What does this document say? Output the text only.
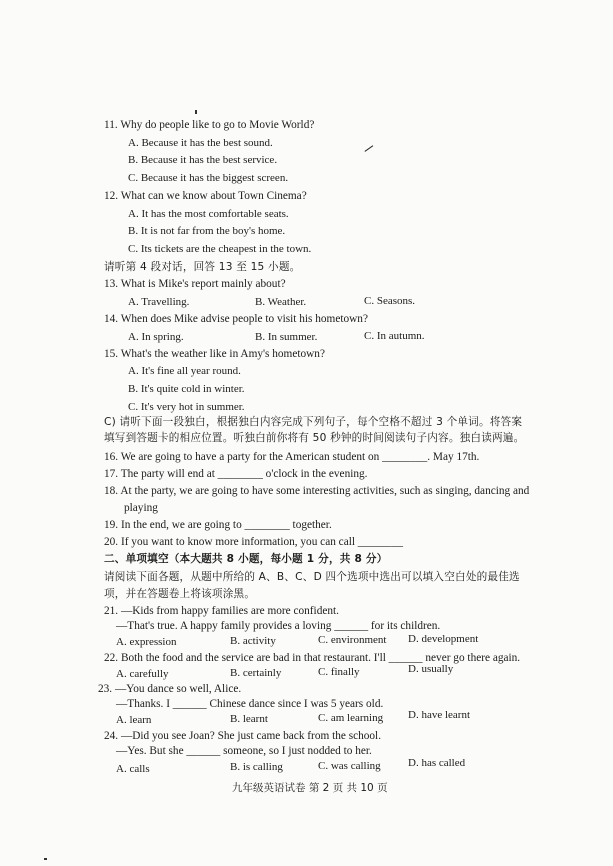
11. Why do people like to go to Movie World?
A. Because it has the best sound.
B. Because it has the best service.
C. Because it has the biggest screen.
12. What can we know about Town Cinema?
A. It has the most comfortable seats.
B. It is not far from the boy's home.
C. Its tickets are the cheapest in the town.
请听第 4 段对话，回答 13 至 15 小题。
13. What is Mike's report mainly about?
A. Travelling.	B. Weather.	C. Seasons.
14. When does Mike advise people to visit his hometown?
A. In spring.	B. In summer.	C. In autumn.
15. What's the weather like in Amy's hometown?
A. It's fine all year round.
B. It's quite cold in winter.
C. It's very hot in summer.
C) 请听下面一段独白，根据独白内容完成下列句子，每个空格不超过 3 个单词。将答案
填写到答题卡的相应位置。听独白前你将有 50 秒钟的时间阅读句子内容。独白读两遍。
16. We are going to have a party for the American student on ________. May 17th.
17. The party will end at ________ o'clock in the evening.
18. At the party, we are going to have some interesting activities, such as singing, dancing and
playing
19. In the end, we are going to ________ together.
20. If you want to know more information, you can call ________
二、单项填空（本大题共 8 小题，每小题 1 分，共 8 分）
请阅读下面各题，从题中所给的 A、B、C、D 四个选项中选出可以填入空白处的最佳选
项，并在答题卷上将该项涂黑。
21. —Kids from happy families are more confident.
—That's true. A happy family provides a loving ______ for its children.
A. expression	B. activity	C. environment D. development
22. Both the food and the service are bad in that restaurant. I'll ______ never go there again.
A. carefully	B. certainly	C. finally	D. usually
23. —You dance so well, Alice.
—Thanks. I ______ Chinese dance since I was 5 years old.
A. learn	B. learnt	C. am learning D. have learnt
24. —Did you see Joan? She just came back from the school.
—Yes. But she ______ someone, so I just nodded to her.
A. calls	B. is calling	C. was calling D. has called
九年级英语试卷 第 2 页 共 10 页
